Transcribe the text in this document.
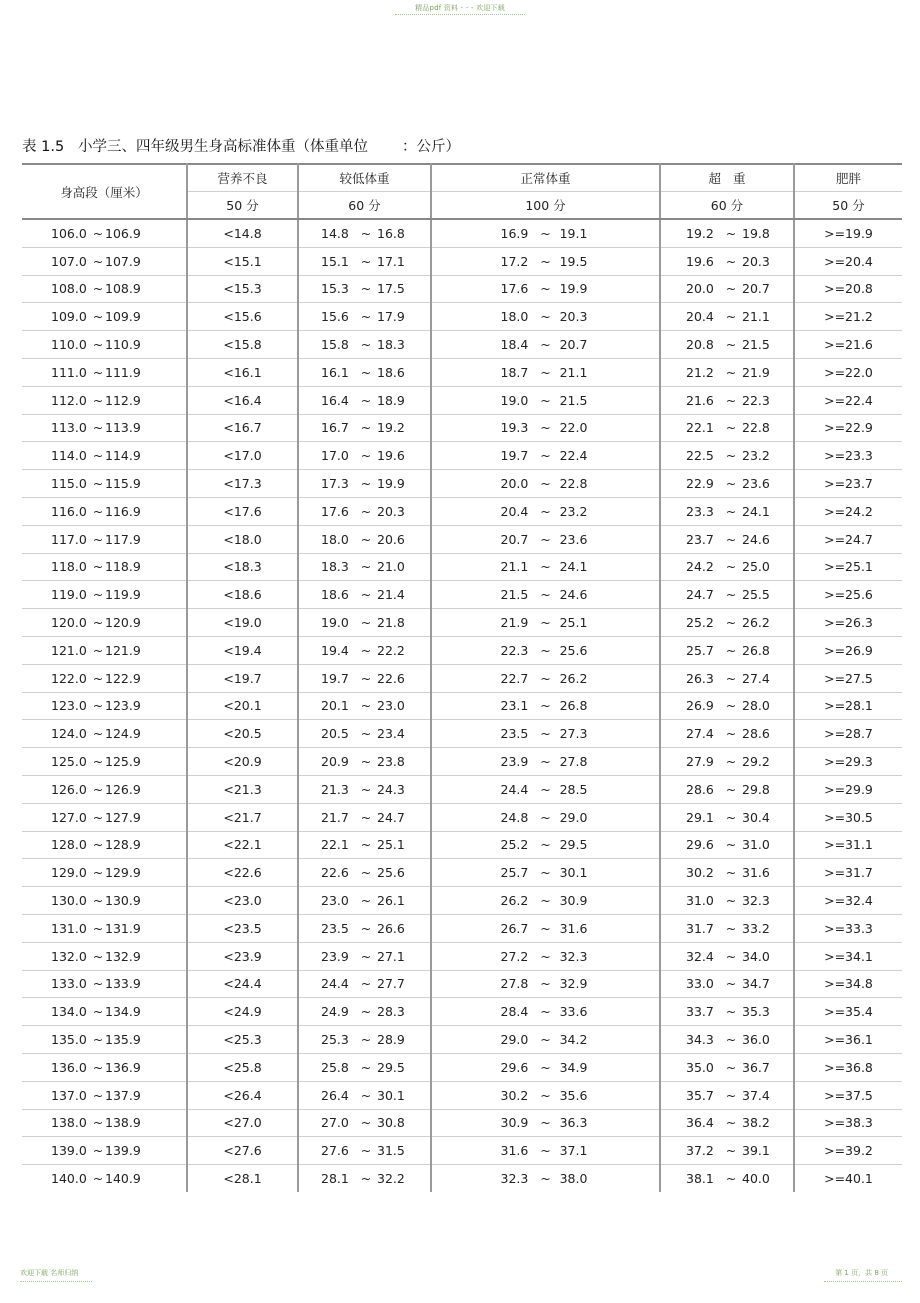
精品pdf 资料 - - - 欢迎下载
表 1.5   小学三、四年级男生身高标准体重（体重单位 ：公斤）
身高段（厘米）	营养不良	较低体重	正常体重	超   重	肥胖
	50 分	60 分	100 分	60 分	50 分
106.0 ~ 106.9	<14.8	14.8 ~ 16.8	16.9 ~ 19.1	19.2 ~ 19.8	>=19.9
107.0 ~ 107.9	<15.1	15.1 ~ 17.1	17.2 ~ 19.5	19.6 ~ 20.3	>=20.4
108.0 ~ 108.9	<15.3	15.3 ~ 17.5	17.6 ~ 19.9	20.0 ~ 20.7	>=20.8
109.0 ~ 109.9	<15.6	15.6 ~ 17.9	18.0 ~ 20.3	20.4 ~ 21.1	>=21.2
110.0 ~ 110.9	<15.8	15.8 ~ 18.3	18.4 ~ 20.7	20.8 ~ 21.5	>=21.6
111.0 ~ 111.9	<16.1	16.1 ~ 18.6	18.7 ~ 21.1	21.2 ~ 21.9	>=22.0
112.0 ~ 112.9	<16.4	16.4 ~ 18.9	19.0 ~ 21.5	21.6 ~ 22.3	>=22.4
113.0 ~ 113.9	<16.7	16.7 ~ 19.2	19.3 ~ 22.0	22.1 ~ 22.8	>=22.9
114.0 ~ 114.9	<17.0	17.0 ~ 19.6	19.7 ~ 22.4	22.5 ~ 23.2	>=23.3
115.0 ~ 115.9	<17.3	17.3 ~ 19.9	20.0 ~ 22.8	22.9 ~ 23.6	>=23.7
116.0 ~ 116.9	<17.6	17.6 ~ 20.3	20.4 ~ 23.2	23.3 ~ 24.1	>=24.2
117.0 ~ 117.9	<18.0	18.0 ~ 20.6	20.7 ~ 23.6	23.7 ~ 24.6	>=24.7
118.0 ~ 118.9	<18.3	18.3 ~ 21.0	21.1 ~ 24.1	24.2 ~ 25.0	>=25.1
119.0 ~ 119.9	<18.6	18.6 ~ 21.4	21.5 ~ 24.6	24.7 ~ 25.5	>=25.6
120.0 ~ 120.9	<19.0	19.0 ~ 21.8	21.9 ~ 25.1	25.2 ~ 26.2	>=26.3
121.0 ~ 121.9	<19.4	19.4 ~ 22.2	22.3 ~ 25.6	25.7 ~ 26.8	>=26.9
122.0 ~ 122.9	<19.7	19.7 ~ 22.6	22.7 ~ 26.2	26.3 ~ 27.4	>=27.5
123.0 ~ 123.9	<20.1	20.1 ~ 23.0	23.1 ~ 26.8	26.9 ~ 28.0	>=28.1
124.0 ~ 124.9	<20.5	20.5 ~ 23.4	23.5 ~ 27.3	27.4 ~ 28.6	>=28.7
125.0 ~ 125.9	<20.9	20.9 ~ 23.8	23.9 ~ 27.8	27.9 ~ 29.2	>=29.3
126.0 ~ 126.9	<21.3	21.3 ~ 24.3	24.4 ~ 28.5	28.6 ~ 29.8	>=29.9
127.0 ~ 127.9	<21.7	21.7 ~ 24.7	24.8 ~ 29.0	29.1 ~ 30.4	>=30.5
128.0 ~ 128.9	<22.1	22.1 ~ 25.1	25.2 ~ 29.5	29.6 ~ 31.0	>=31.1
129.0 ~ 129.9	<22.6	22.6 ~ 25.6	25.7 ~ 30.1	30.2 ~ 31.6	>=31.7
130.0 ~ 130.9	<23.0	23.0 ~ 26.1	26.2 ~ 30.9	31.0 ~ 32.3	>=32.4
131.0 ~ 131.9	<23.5	23.5 ~ 26.6	26.7 ~ 31.6	31.7 ~ 33.2	>=33.3
132.0 ~ 132.9	<23.9	23.9 ~ 27.1	27.2 ~ 32.3	32.4 ~ 34.0	>=34.1
133.0 ~ 133.9	<24.4	24.4 ~ 27.7	27.8 ~ 32.9	33.0 ~ 34.7	>=34.8
134.0 ~ 134.9	<24.9	24.9 ~ 28.3	28.4 ~ 33.6	33.7 ~ 35.3	>=35.4
135.0 ~ 135.9	<25.3	25.3 ~ 28.9	29.0 ~ 34.2	34.3 ~ 36.0	>=36.1
136.0 ~ 136.9	<25.8	25.8 ~ 29.5	29.6 ~ 34.9	35.0 ~ 36.7	>=36.8
137.0 ~ 137.9	<26.4	26.4 ~ 30.1	30.2 ~ 35.6	35.7 ~ 37.4	>=37.5
138.0 ~ 138.9	<27.0	27.0 ~ 30.8	30.9 ~ 36.3	36.4 ~ 38.2	>=38.3
139.0 ~ 139.9	<27.6	27.6 ~ 31.5	31.6 ~ 37.1	37.2 ~ 39.1	>=39.2
140.0 ~ 140.9	<28.1	28.1 ~ 32.2	32.3 ~ 38.0	38.1 ~ 40.0	>=40.1
欢迎下载 名师归纳	第 1 页，共 8 页
